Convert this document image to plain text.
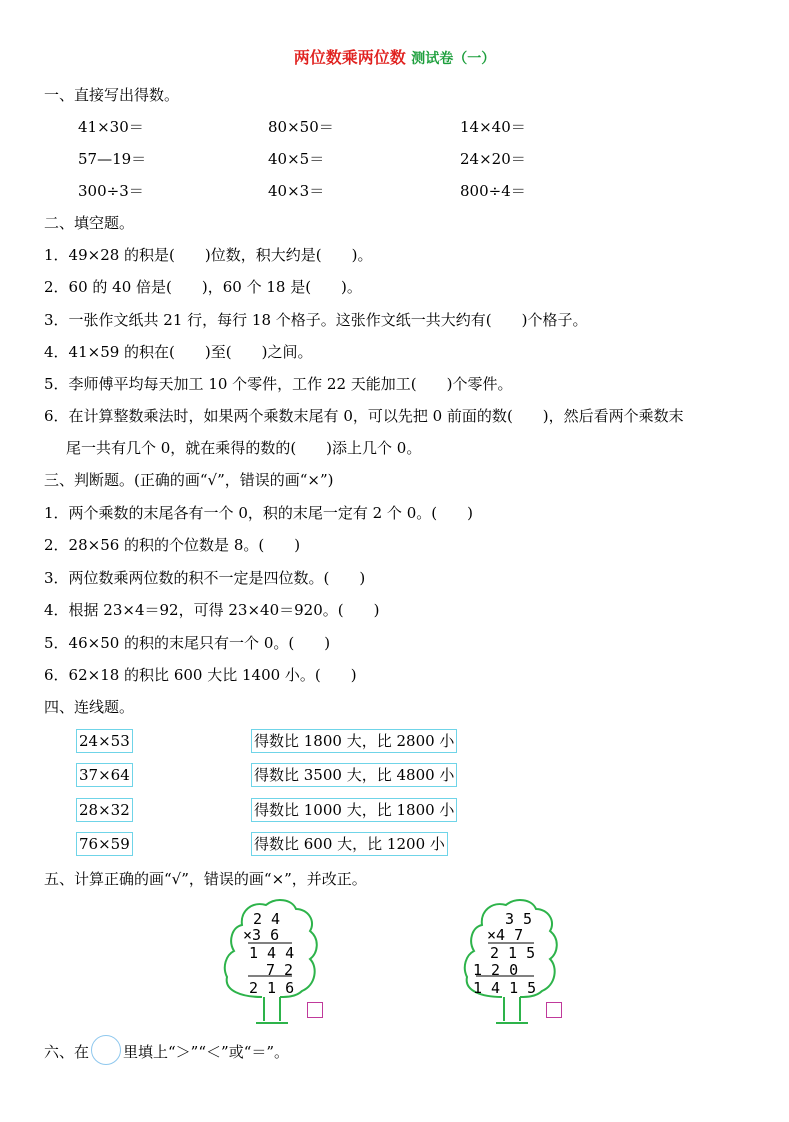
两位数乘两位数 测试卷（一）
一、直接写出得数。
41×30＝	80×50＝	14×40＝
57—19＝	40×5＝	24×20＝
300÷3＝	40×3＝	800÷4＝
二、填空题。
1．49×28 的积是(　　)位数，积大约是(　　)。
2．60 的 40 倍是(　　)，60 个 18 是(　　)。
3．一张作文纸共 21 行，每行 18 个格子。这张作文纸一共大约有(　　)个格子。
4．41×59 的积在(　　)至(　　)之间。
5．李师傅平均每天加工 10 个零件，工作 22 天能加工(　　)个零件。
6．在计算整数乘法时，如果两个乘数末尾有 0，可以先把 0 前面的数(　　)，然后看两个乘数末
尾一共有几个 0，就在乘得的数的(　　)添上几个 0。
三、判断题。(正确的画“√”，错误的画“×”)
1．两个乘数的末尾各有一个 0，积的末尾一定有 2 个 0。(　　)
2．28×56 的积的个位数是 8。(　　)
3．两位数乘两位数的积不一定是四位数。(　　)
4．根据 23×4＝92，可得 23×40＝920。(　　)
5．46×50 的积的末尾只有一个 0。(　　)
6．62×18 的积比 600 大比 1400 小。(　　)
四、连线题。
24×53
37×64
28×32
76×59
得数比 1800 大，比 2800 小
得数比 3500 大，比 4800 小
得数比 1000 大，比 1800 小
得数比 600 大，比 1200 小
五、计算正确的画“√”，错误的画“×”，并改正。
2 4
×3 6
1 4 4
7 2
2 1 6
3 5
×4 7
2 1 5
1 2 0
1 4 1 5
六、在 里填上“＞”“＜”或“＝”。
